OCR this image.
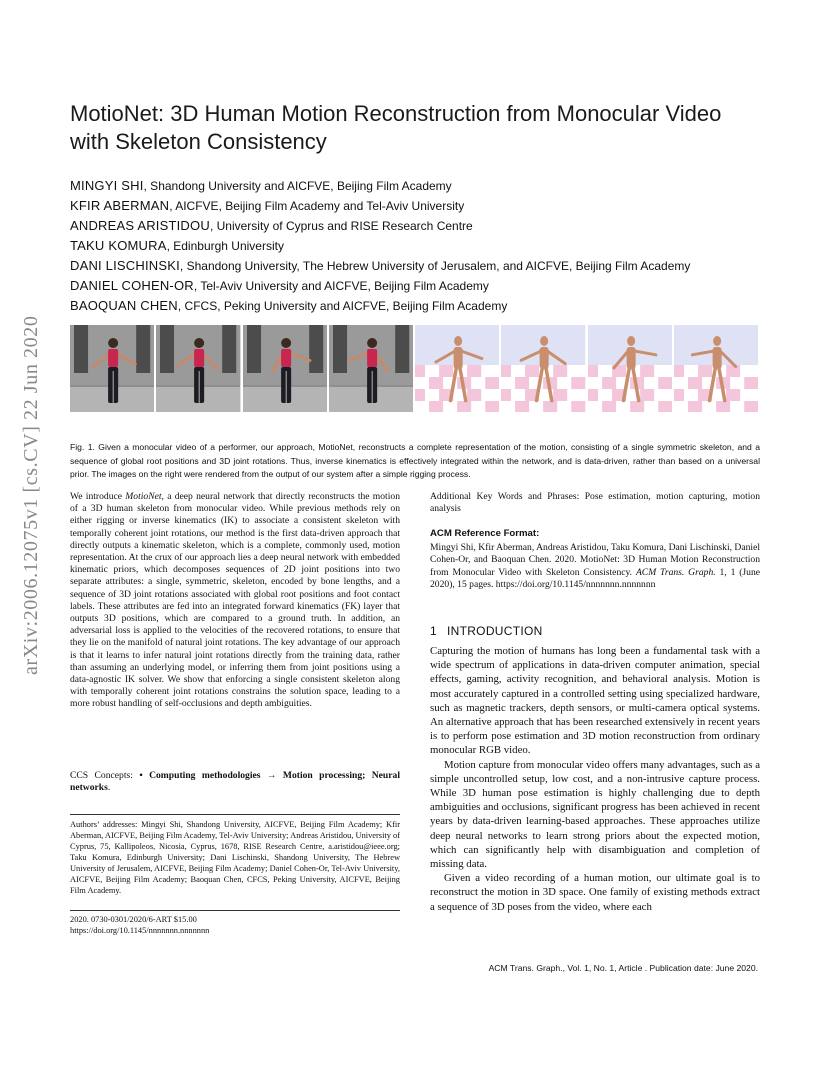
MotioNet: 3D Human Motion Reconstruction from Monocular Video with Skeleton Consistency
MINGYI SHI, Shandong University and AICFVE, Beijing Film Academy
KFIR ABERMAN, AICFVE, Beijing Film Academy and Tel-Aviv University
ANDREAS ARISTIDOU, University of Cyprus and RISE Research Centre
TAKU KOMURA, Edinburgh University
DANI LISCHINSKI, Shandong University, The Hebrew University of Jerusalem, and AICFVE, Beijing Film Academy
DANIEL COHEN-OR, Tel-Aviv University and AICFVE, Beijing Film Academy
BAOQUAN CHEN, CFCS, Peking University and AICFVE, Beijing Film Academy
arXiv:2006.12075v1 [cs.CV] 22 Jun 2020	Fig. 1. Given a monocular video of a performer, our approach, MotioNet, reconstructs a complete representation of the motion, consisting of a single symmetric skeleton, and a sequence of global root positions and 3D joint rotations. Thus, inverse kinematics is effectively integrated within the network, and is data-driven, rather than based on a universal prior. The images on the right were rendered from the output of our system after a simple rigging process.
We introduce MotioNet, a deep neural network that directly reconstructs the motion of a 3D human skeleton from monocular video. While previous methods rely on either rigging or inverse kinematics (IK) to associate a consistent skeleton with temporally coherent joint rotations, our method is the first data-driven approach that directly outputs a kinematic skeleton, which is a complete, commonly used, motion representation. At the crux of our approach lies a deep neural network with embedded kinematic priors, which decomposes sequences of 2D joint positions into two separate attributes: a single, symmetric, skeleton, encoded by bone lengths, and a sequence of 3D joint rotations associated with global root positions and foot contact labels. These attributes are fed into an integrated forward kinematics (FK) layer that outputs 3D positions, which are compared to a ground truth. In addition, an adversarial loss is applied to the velocities of the recovered rotations, to ensure that they lie on the manifold of natural joint rotations. The key advantage of our approach is that it learns to infer natural joint rotations directly from the training data, rather than assuming an underlying model, or inferring them from joint positions using a data-agnostic IK solver. We show that enforcing a single consistent skeleton along with temporally coherent joint rotations constrains the solution space, leading to a more robust handling of self-occlusions and depth ambiguities.
CCS Concepts: • Computing methodologies → Motion processing; Neural networks.
Authors’ addresses: Mingyi Shi, Shandong University, AICFVE, Beijing Film Academy; Kfir Aberman, AICFVE, Beijing Film Academy, Tel-Aviv University; Andreas Aristidou, University of Cyprus, 75, Kallipoleos, Nicosia, Cyprus, 1678, RISE Research Centre, a.aristidou@ieee.org; Taku Komura, Edinburgh University; Dani Lischinski, Shandong University, The Hebrew University of Jerusalem, AICFVE, Beijing Film Academy; Daniel Cohen-Or, Tel-Aviv University, AICFVE, Beijing Film Academy; Baoquan Chen, CFCS, Peking University, AICFVE, Beijing Film Academy.
2020. 0730-0301/2020/6-ART $15.00
https://doi.org/10.1145/nnnnnnn.nnnnnnn
Additional Key Words and Phrases: Pose estimation, motion capturing, motion analysis
ACM Reference Format:
Mingyi Shi, Kfir Aberman, Andreas Aristidou, Taku Komura, Dani Lischinski, Daniel Cohen-Or, and Baoquan Chen. 2020. MotioNet: 3D Human Motion Reconstruction from Monocular Video with Skeleton Consistency. ACM Trans. Graph. 1, 1 (June 2020), 15 pages. https://doi.org/10.1145/nnnnnnn.nnnnnnn
1 INTRODUCTION

Capturing the motion of humans has long been a fundamental task with a wide spectrum of applications in data-driven computer animation, special effects, gaming, activity recognition, and behavioral analysis. Motion is most accurately captured in a controlled setting using specialized hardware, such as magnetic trackers, depth sensors, or multi-camera optical systems. An alternative approach that has been researched extensively in recent years is to perform pose estimation and 3D motion reconstruction from ordinary monocular RGB video.

Motion capture from monocular video offers many advantages, such as a simple uncontrolled setup, low cost, and a non-intrusive capture process. While 3D human pose estimation is highly challenging due to depth ambiguities and occlusions, significant progress has been achieved in recent years by data-driven learning-based approaches. These approaches utilize deep neural networks to learn strong priors about the expected motion, which can significantly help with disambiguation and completion of missing data.

Given a video recording of a human motion, our ultimate goal is to reconstruct the motion in 3D space. One family of existing methods extract a sequence of 3D poses from the video, where each

ACM Trans. Graph., Vol. 1, No. 1, Article . Publication date: June 2020.
